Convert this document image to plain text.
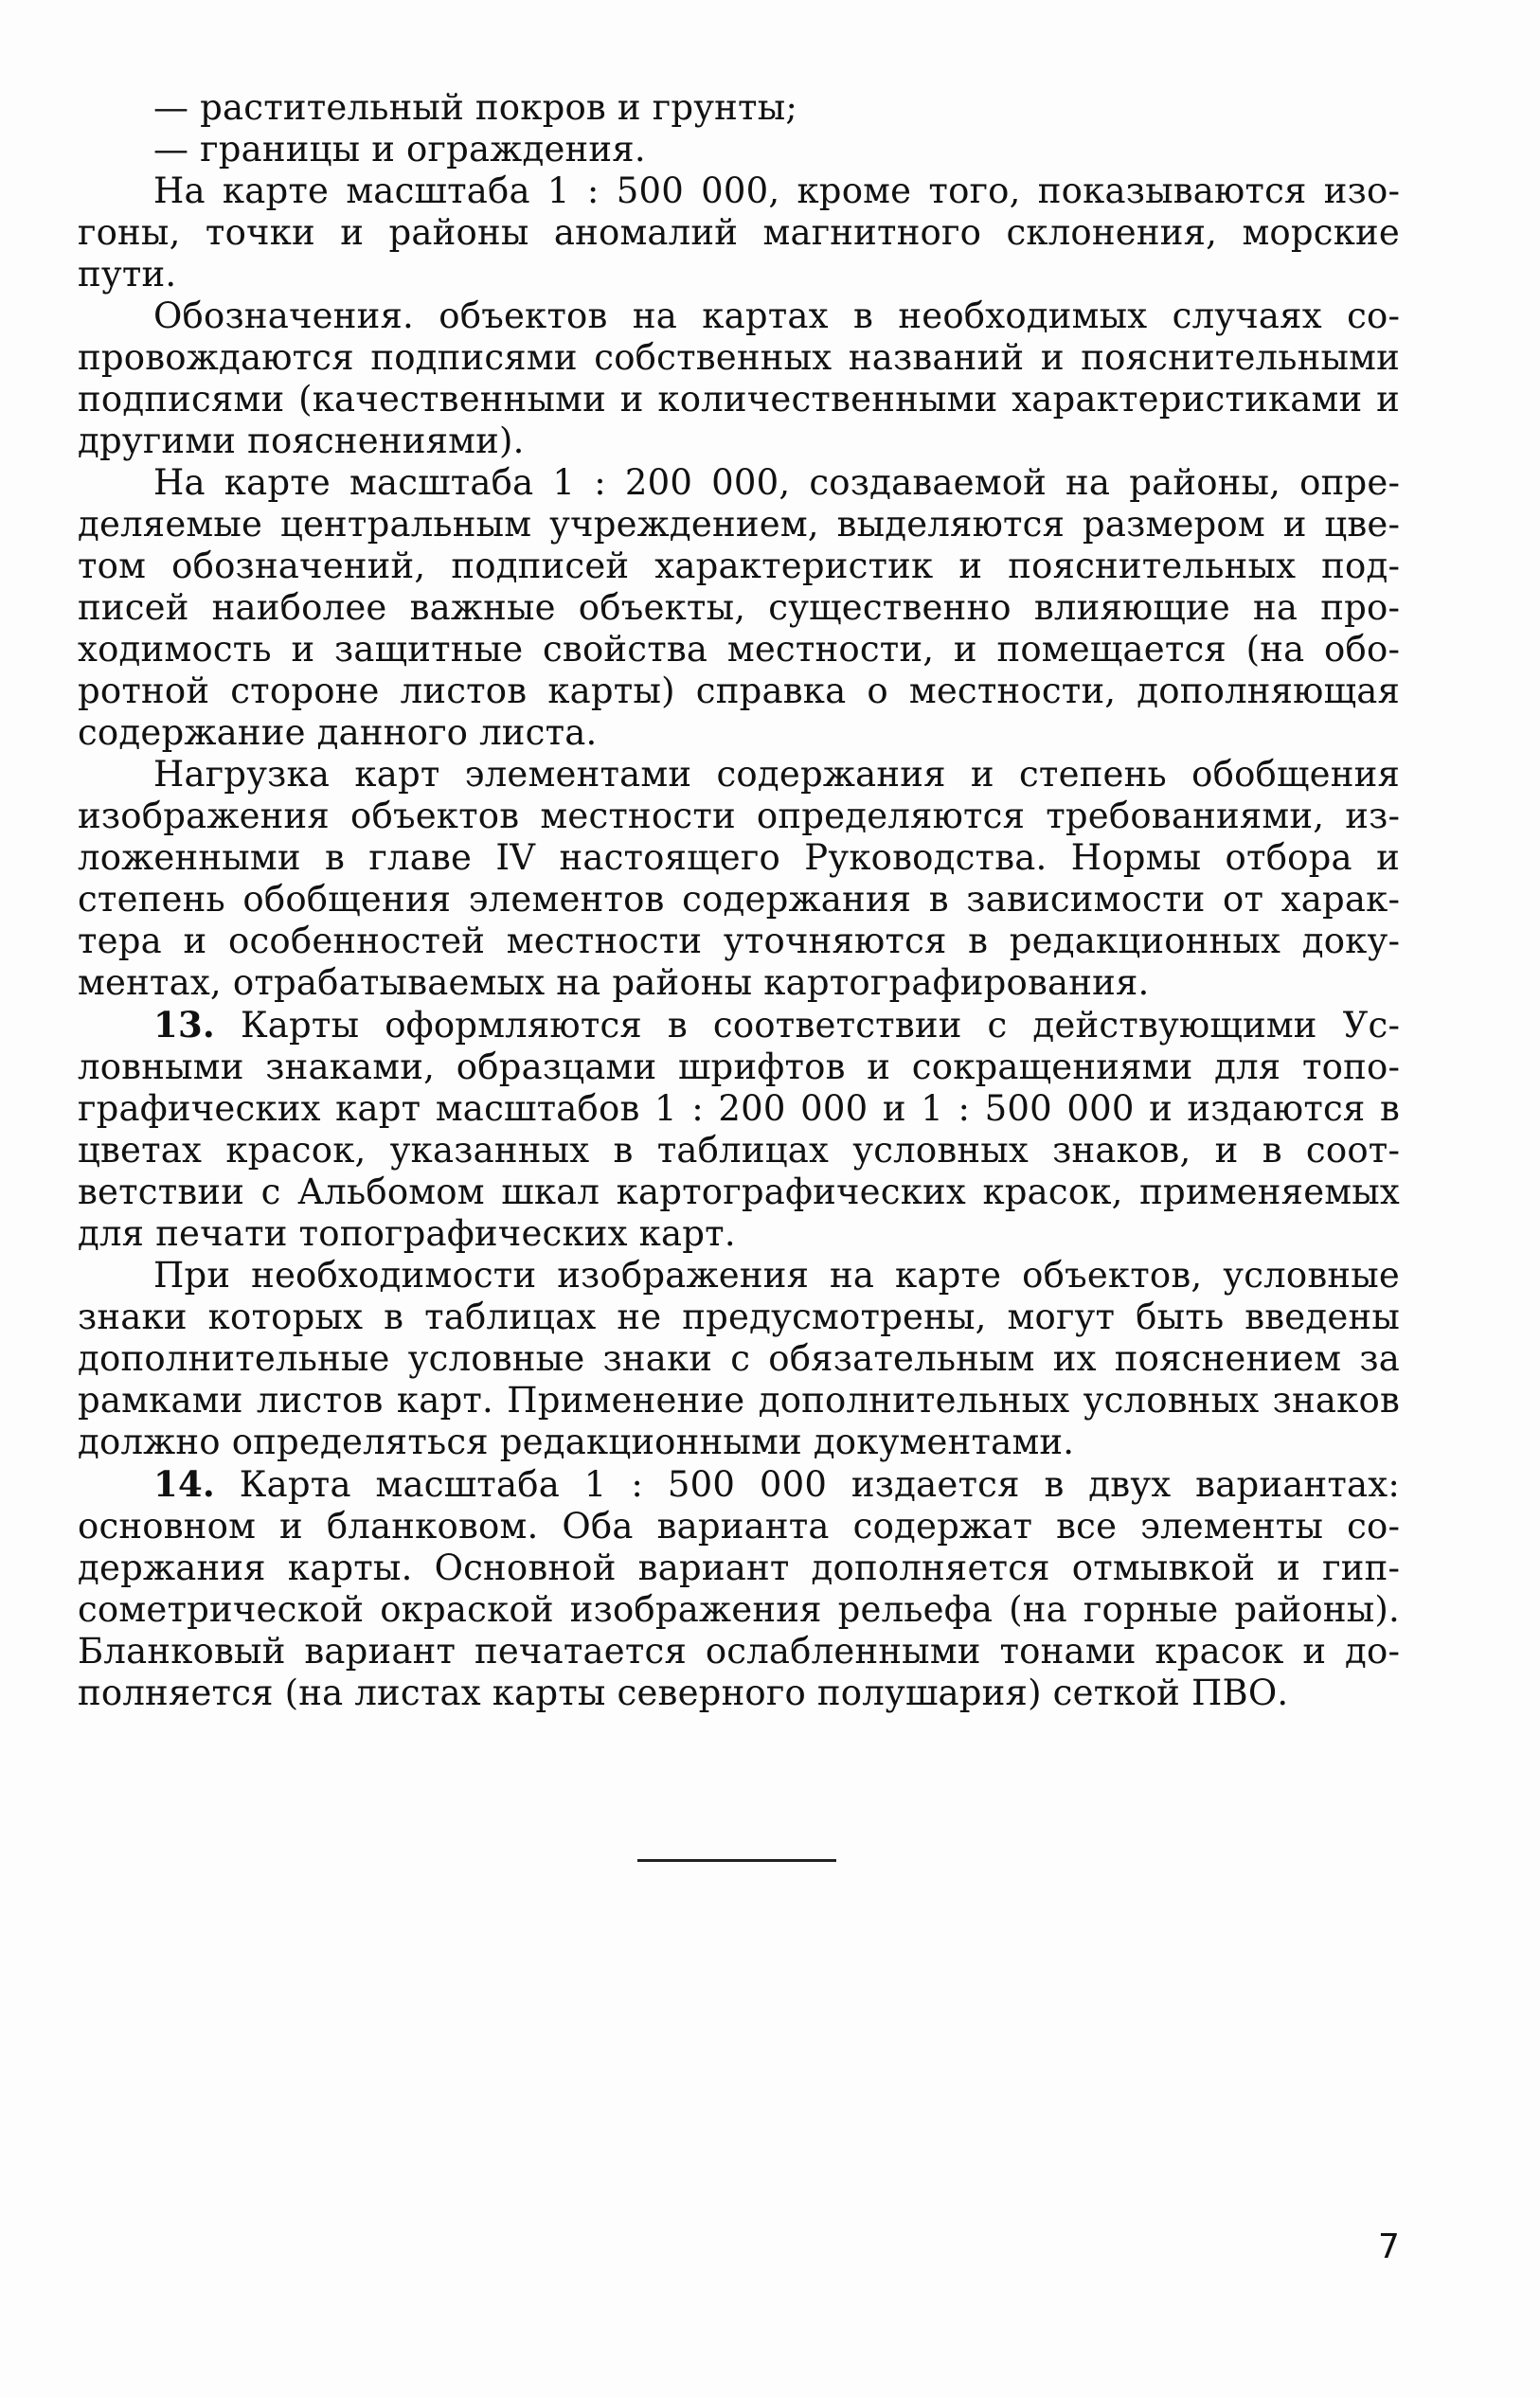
— растительный покров и грунты;

— границы и ограждения.

На карте масштаба 1 : 500 000, кроме того, показываются изогоны, точки и районы аномалий магнитного склонения, морские пути.

Обозначения. объектов на картах в необходимых случаях сопровождаются подписями собственных названий и пояснительными подписями (качественными и количественными характеристиками и другими пояснениями).

На карте масштаба 1 : 200 000, создаваемой на районы, определяемые центральным учреждением, выделяются размером и цветом обозначений, подписей характеристик и пояснительных подписей наиболее важные объекты, существенно влияющие на проходимость и защитные свойства местности, и помещается (на оборотной стороне листов карты) справка о местности, дополняющая содержание данного листа.

Нагрузка карт элементами содержания и степень обобщения изображения объектов местности определяются требованиями, изложенными в главе IV настоящего Руководства. Нормы отбора и степень обобщения элементов содержания в зависимости от характера и особенностей местности уточняются в редакционных документах, отрабатываемых на районы картографирования.

13. Карты оформляются в соответствии с действующими Условными знаками, образцами шрифтов и сокращениями для топографических карт масштабов 1 : 200 000 и 1 : 500 000 и издаются в цветах красок, указанных в таблицах условных знаков, и в соответствии с Альбомом шкал картографических красок, применяемых для печати топографических карт.

При необходимости изображения на карте объектов, условные знаки которых в таблицах не предусмотрены, могут быть введены дополнительные условные знаки с обязательным их пояснением за рамками листов карт. Применение дополнительных условных знаков должно определяться редакционными документами.

14. Карта масштаба 1 : 500 000 издается в двух вариантах: основном и бланковом. Оба варианта содержат все элементы содержания карты. Основной вариант дополняется отмывкой и гипсометрической окраской изображения рельефа (на горные районы). Бланковый вариант печатается ослабленными тонами красок и дополняется (на листах карты северного полушария) сеткой ПВО.

7
